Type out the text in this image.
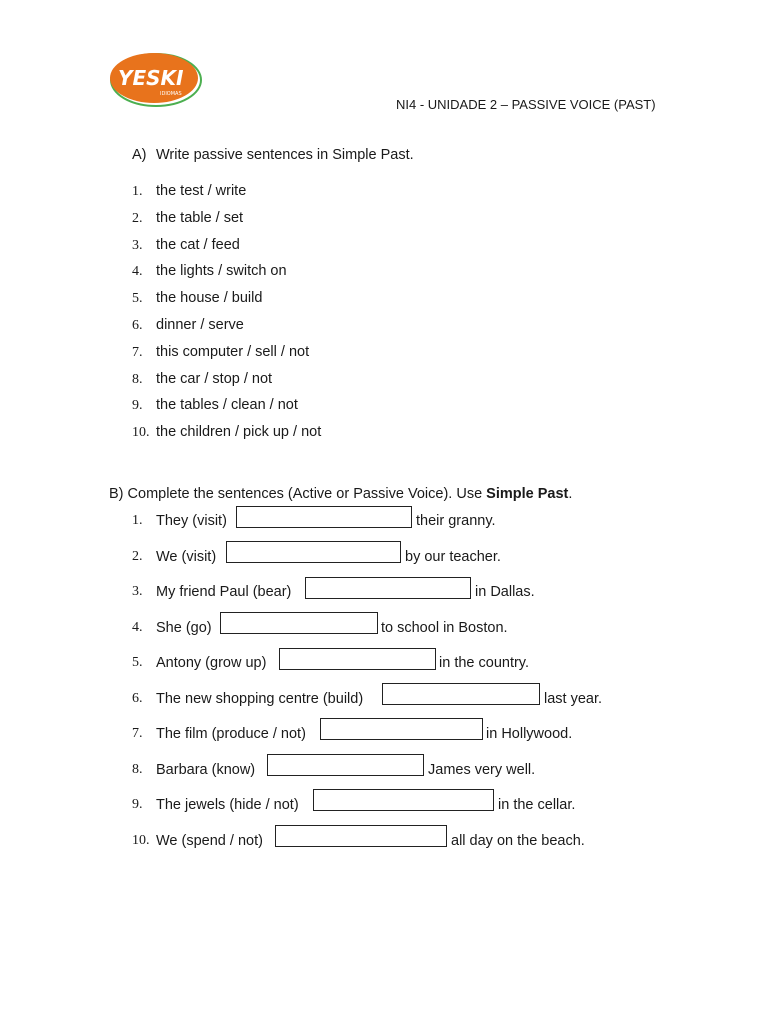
YESKI
IDIOMAS
NI4 - UNIDADE 2 – PASSIVE VOICE (PAST)
A) Write passive sentences in Simple Past.
1. the test / write
2. the table / set
3. the cat / feed
4. the lights / switch on
5. the house / build
6. dinner / serve
7. this computer / sell / not
8. the car / stop / not
9. the tables / clean / not
10. the children / pick up / not
B) Complete the sentences (Active or Passive Voice). Use Simple Past.
1. They (visit)	their granny.
2. We (visit)	by our teacher.
3. My friend Paul (bear)	in Dallas.
4. She (go)	to school in Boston.
5. Antony (grow up)	in the country.
6. The new shopping centre (build)	last year.
7. The film (produce / not)	in Hollywood.
8. Barbara (know)	James very well.
9. The jewels (hide / not)	in the cellar.
10. We (spend / not)	all day on the beach.
